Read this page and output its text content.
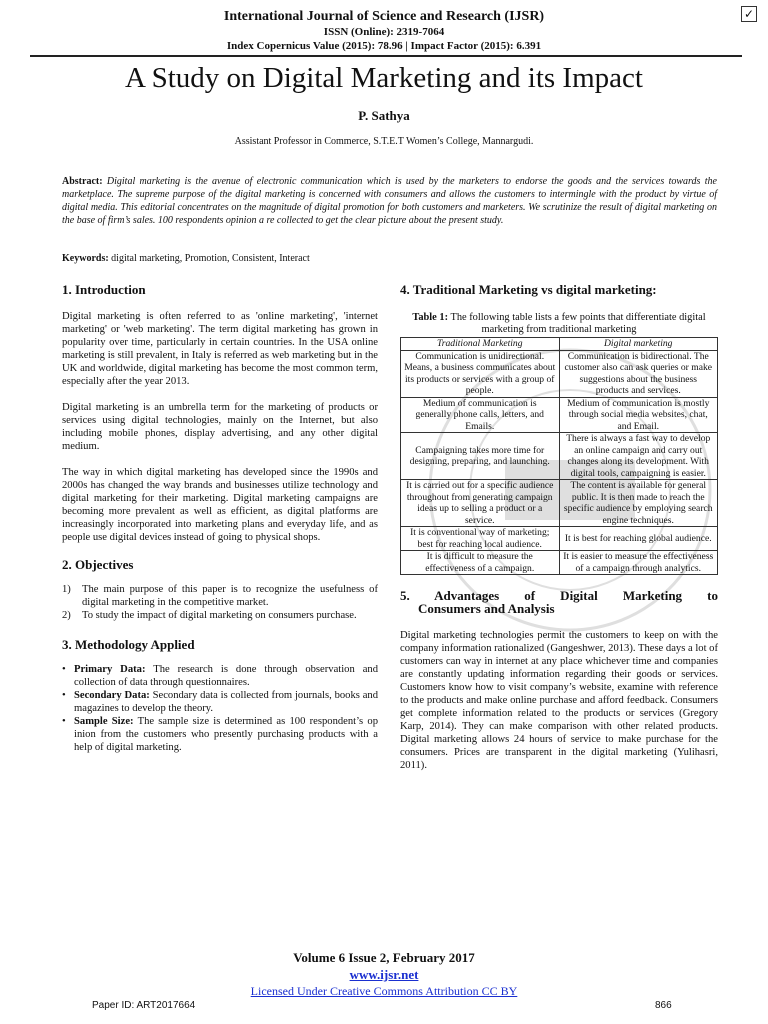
International Journal of Science and Research (IJSR)
ISSN (Online): 2319-7064
Index Copernicus Value (2015): 78.96 | Impact Factor (2015): 6.391
✓
A Study on Digital Marketing and its Impact
P. Sathya
Assistant Professor in Commerce, S.T.E.T Women’s College, Mannargudi.
Abstract: Digital marketing is the avenue of electronic communication which is used by the marketers to endorse the goods and the services towards the marketplace. The supreme purpose of the digital marketing is concerned with consumers and allows the customers to intermingle with the product by virtue of digital media. This editorial concentrates on the magnitude of digital promotion for both customers and marketers. We scrutinize the result of digital marketing on the base of firm’s sales. 100 respondents opinion a re collected to get the clear picture about the present study.
Keywords: digital marketing, Promotion, Consistent, Interact
1. Introduction

Digital marketing is often referred to as 'online marketing', 'internet marketing' or 'web marketing'. The term digital marketing has grown in popularity over time, particularly in certain countries. In the USA online marketing is still prevalent, in Italy is referred as web marketing but in the UK and worldwide, digital marketing has become the most common term, especially after the year 2013.

Digital marketing is an umbrella term for the marketing of products or services using digital technologies, mainly on the Internet, but also including mobile phones, display advertising, and any other digital medium.

The way in which digital marketing has developed since the 1990s and 2000s has changed the way brands and businesses utilize technology and digital marketing for their marketing. Digital marketing campaigns are becoming more prevalent as well as efficient, as digital platforms are increasingly incorporated into marketing plans and everyday life, and as people use digital devices instead of going to physical shops.

2. Objectives
1)	The main purpose of this paper is to recognize the usefulness of digital marketing in the competitive market.
2)	To study the impact of digital marketing on consumers purchase.
3. Methodology Applied
• Primary Data: The research is done through observation and collection of data through questionnaires.
• Secondary Data: Secondary data is collected from journals, books and magazines to develop the theory.
• Sample Size: The sample size is determined as 100 respondent’s op inion from the customers who presently purchasing products with a help of digital marketing.
4. Traditional Marketing vs digital marketing:
Table 1: The following table lists a few points that differentiate digital marketing from traditional marketing
Traditional Marketing	Digital marketing
Communication is unidirectional. Means, a business communicates about its products or services with a group of people.	Communication is bidirectional. The customer also can ask queries or make suggestions about the business products and services.
Medium of communication is generally phone calls, letters, and Emails.	Medium of communication is mostly through social media websites, chat, and Email.
Campaigning takes more time for designing, preparing, and launching.	There is always a fast way to develop an online campaign and carry out changes along its development. With digital tools, campaigning is easier.
It is carried out for a specific audience throughout from generating campaign ideas up to selling a product or a service.	The content is available for general public. It is then made to reach the specific audience by employing search engine techniques.
It is conventional way of marketing; best for reaching local audience.	It is best for reaching global audience.
It is difficult to measure the effectiveness of a campaign.	It is easier to measure the effectiveness of a campaign through analytics.
5. Advantages of Digital Marketing to
Consumers and Analysis

Digital marketing technologies permit the customers to keep on with the company information rationalized (Gangeshwer, 2013). These days a lot of customers can way in internet at any place whichever time and companies are constantly updating information regarding their goods or services. Customers know how to visit company’s website, examine with reference to the products and make online purchase and afford feedback. Consumers get complete information related to the products or services (Gregory Karp, 2014). They can make comparison with other related products. Digital marketing allows 24 hours of service to make purchase for the consumers. Prices are transparent in the digital marketing (Yulihasri, 2011).

Volume 6 Issue 2, February 2017
www.ijsr.net
Licensed Under Creative Commons Attribution CC BY
Paper ID: ART2017664	866
